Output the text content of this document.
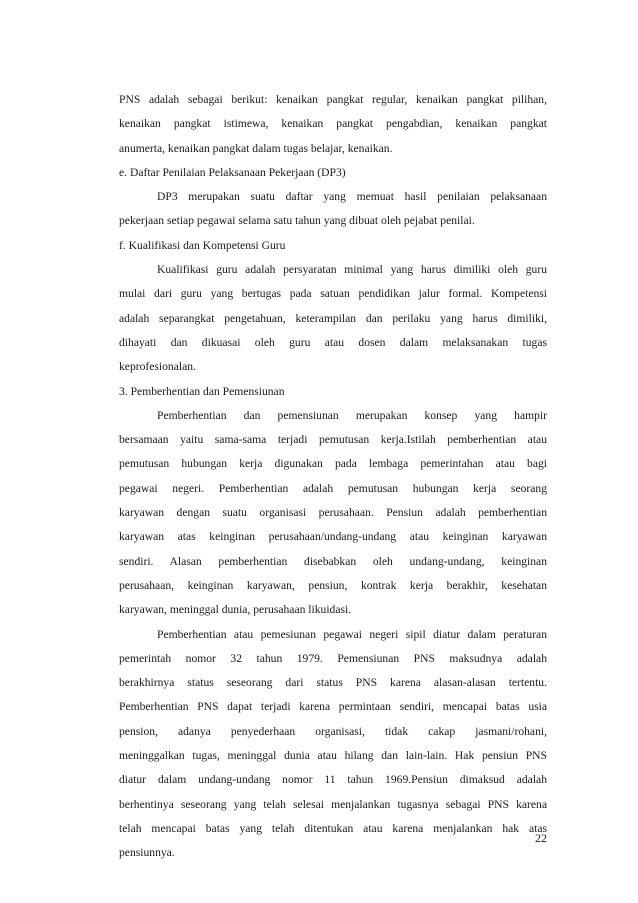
PNS adalah sebagai berikut: kenaikan pangkat regular, kenaikan pangkat pilihan,
kenaikan pangkat istimewa, kenaikan pangkat pengabdian, kenaikan pangkat
anumerta, kenaikan pangkat dalam tugas belajar, kenaikan.
e. Daftar Penilaian Pelaksanaan Pekerjaan (DP3)
DP3 merupakan suatu daftar yang memuat hasil penilaian pelaksanaan
pekerjaan setiap pegawai selama satu tahun yang dibuat oleh pejabat penilai.
f. Kualifikasi dan Kompetensi Guru
Kualifikasi guru adalah persyaratan minimal yang harus dimiliki oleh guru
mulai dari guru yang bertugas pada satuan pendidikan jalur formal. Kompetensi
adalah separangkat pengetahuan, keterampilan dan perilaku yang harus dimiliki,
dihayati dan dikuasai oleh guru atau dosen dalam melaksanakan tugas
keprofesionalan.
3. Pemberhentian dan Pemensiunan
Pemberhentian dan pemensiunan merupakan konsep yang hampir
bersamaan yaitu sama-sama terjadi pemutusan kerja.Istilah pemberhentian atau
pemutusan hubungan kerja digunakan pada lembaga pemerintahan atau bagi
pegawai negeri. Pemberhentian adalah pemutusan hubungan kerja seorang
karyawan dengan suatu organisasi perusahaan. Pensiun adalah pemberhentian
karyawan atas keinginan perusahaan/undang-undang atau keinginan karyawan
sendiri. Alasan pemberhentian disebabkan oleh undang-undang, keinginan
perusahaan, keinginan karyawan, pensiun, kontrak kerja berakhir, kesehatan
karyawan, meninggal dunia, perusahaan likuidasi.
Pemberhentian atau pemesiunan pegawai negeri sipil diatur dalam peraturan
pemerintah nomor 32 tahun 1979. Pemensiunan PNS maksudnya adalah
berakhirnya status seseorang dari status PNS karena alasan-alasan tertentu.
Pemberhentian PNS dapat terjadi karena permintaan sendiri, mencapai batas usia
pension, adanya penyederhaan organisasi, tidak cakap jasmani/rohani,
meninggalkan tugas, meninggal dunia atau hilang dan lain-lain. Hak pensiun PNS
diatur dalam undang-undang nomor 11 tahun 1969.Pensiun dimaksud adalah
berhentinya seseorang yang telah selesai menjalankan tugasnya sebagai PNS karena
telah mencapai batas yang telah ditentukan atau karena menjalankan hak atas
pensiunnya.
22
